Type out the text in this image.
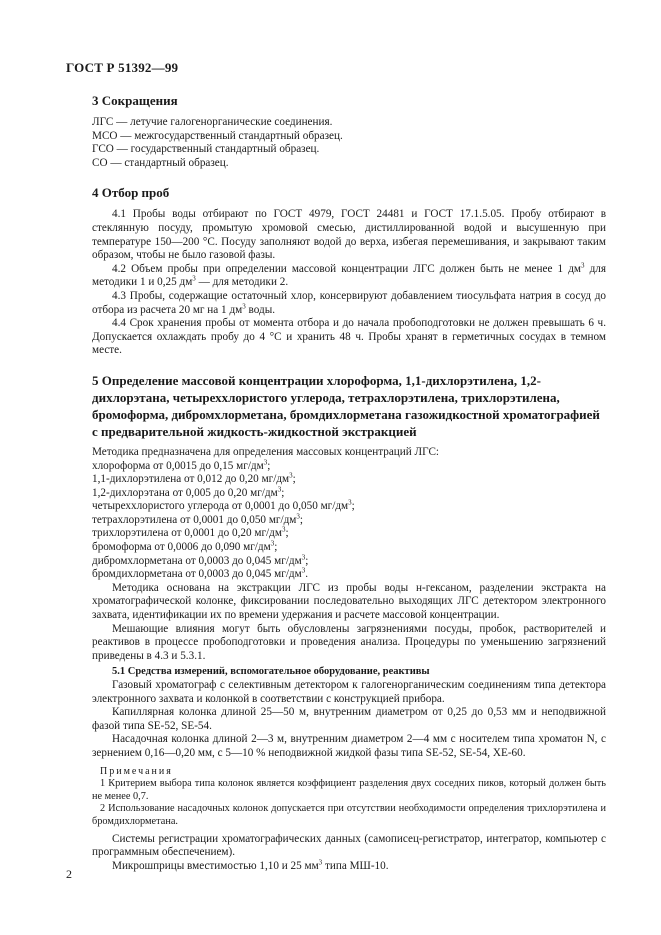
ГОСТ Р 51392—99
3 Сокращения

ЛГС — летучие галогенорганические соединения.

МСО — межгосударственный стандартный образец.

ГСО — государственный стандартный образец.

СО — стандартный образец.

4 Отбор проб

4.1 Пробы воды отбирают по ГОСТ 4979, ГОСТ 24481 и ГОСТ 17.1.5.05. Пробу отбирают в стеклянную посуду, промытую хромовой смесью, дистиллированной водой и высушенную при температуре 150—200 °С. Посуду заполняют водой до верха, избегая перемешивания, и закрывают таким образом, чтобы не было газовой фазы.

4.2 Объем пробы при определении массовой концентрации ЛГС должен быть не менее 1 $дм^3$ для методики 1 и 0,25 $дм^3$ — для методики 2.

4.3 Пробы, содержащие остаточный хлор, консервируют добавлением тиосульфата натрия в сосуд до отбора из расчета 20 мг на 1 $дм^3$ воды.

4.4 Срок хранения пробы от момента отбора и до начала пробоподготовки не должен превышать 6 ч. Допускается охлаждать пробу до 4 °С и хранить 48 ч. Пробы хранят в герметичных сосудах в темном месте.

5 Определение массовой концентрации хлороформа, 1,1-дихлорэтилена, 1,2-дихлорэтана, четыреххлористого углерода, тетрахлорэтилена, трихлорэтилена, бромоформа, дибромхлорметана, бромдихлорметана газожидкостной хроматографией с предварительной жидкость-жидкостной экстракцией

Методика предназначена для определения массовых концентраций ЛГС:

хлороформа от 0,0015 до 0,15 $мг/дм^3$;

1,1-дихлорэтилена от 0,012 до 0,20 $мг/дм^3$;

1,2-дихлорэтана от 0,005 до 0,20 $мг/дм^3$;

четыреххлористого углерода от 0,0001 до 0,050 $мг/дм^3$;

тетрахлорэтилена от 0,0001 до 0,050 $мг/дм^3$;

трихлорэтилена от 0,0001 до 0,20 $мг/дм^3$;

бромоформа от 0,0006 до 0,090 $мг/дм^3$;

дибромхлорметана от 0,0003 до 0,045 $мг/дм^3$;

бромдихлорметана от 0,0003 до 0,045 $мг/дм^3$.

Методика основана на экстракции ЛГС из пробы воды н-гексаном, разделении экстракта на хроматографической колонке, фиксировании последовательно выходящих ЛГС детектором электронного захвата, идентификации их по времени удержания и расчете массовой концентрации.

Мешающие влияния могут быть обусловлены загрязнениями посуды, пробок, растворителей и реактивов в процессе пробоподготовки и проведения анализа. Процедуры по уменьшению загрязнений приведены в 4.3 и 5.3.1.

5.1 Средства измерений, вспомогательное оборудование, реактивы

Газовый хроматограф с селективным детектором к галогенорганическим соединениям типа детектора электронного захвата и колонкой в соответствии с конструкцией прибора.

Капиллярная колонка длиной 25—50 м, внутренним диаметром от 0,25 до 0,53 мм и неподвижной фазой типа SE-52, SE-54.

Насадочная колонка длиной 2—3 м, внутренним диаметром 2—4 мм с носителем типа хроматон N, с зернением 0,16—0,20 мм, с 5—10 % неподвижной жидкой фазы типа SE-52, SE-54, ХЕ-60.

Примечания

1 Критерием выбора типа колонок является коэффициент разделения двух соседних пиков, который должен быть не менее 0,7.

2 Использование насадочных колонок допускается при отсутствии необходимости определения трихлорэтилена и бромдихлорметана.

Системы регистрации хроматографических данных (самописец-регистратор, интегратор, компьютер с программным обеспечением).

Микрошприцы вместимостью 1,10 и 25 $мм^3$ типа МШ-10.

2
